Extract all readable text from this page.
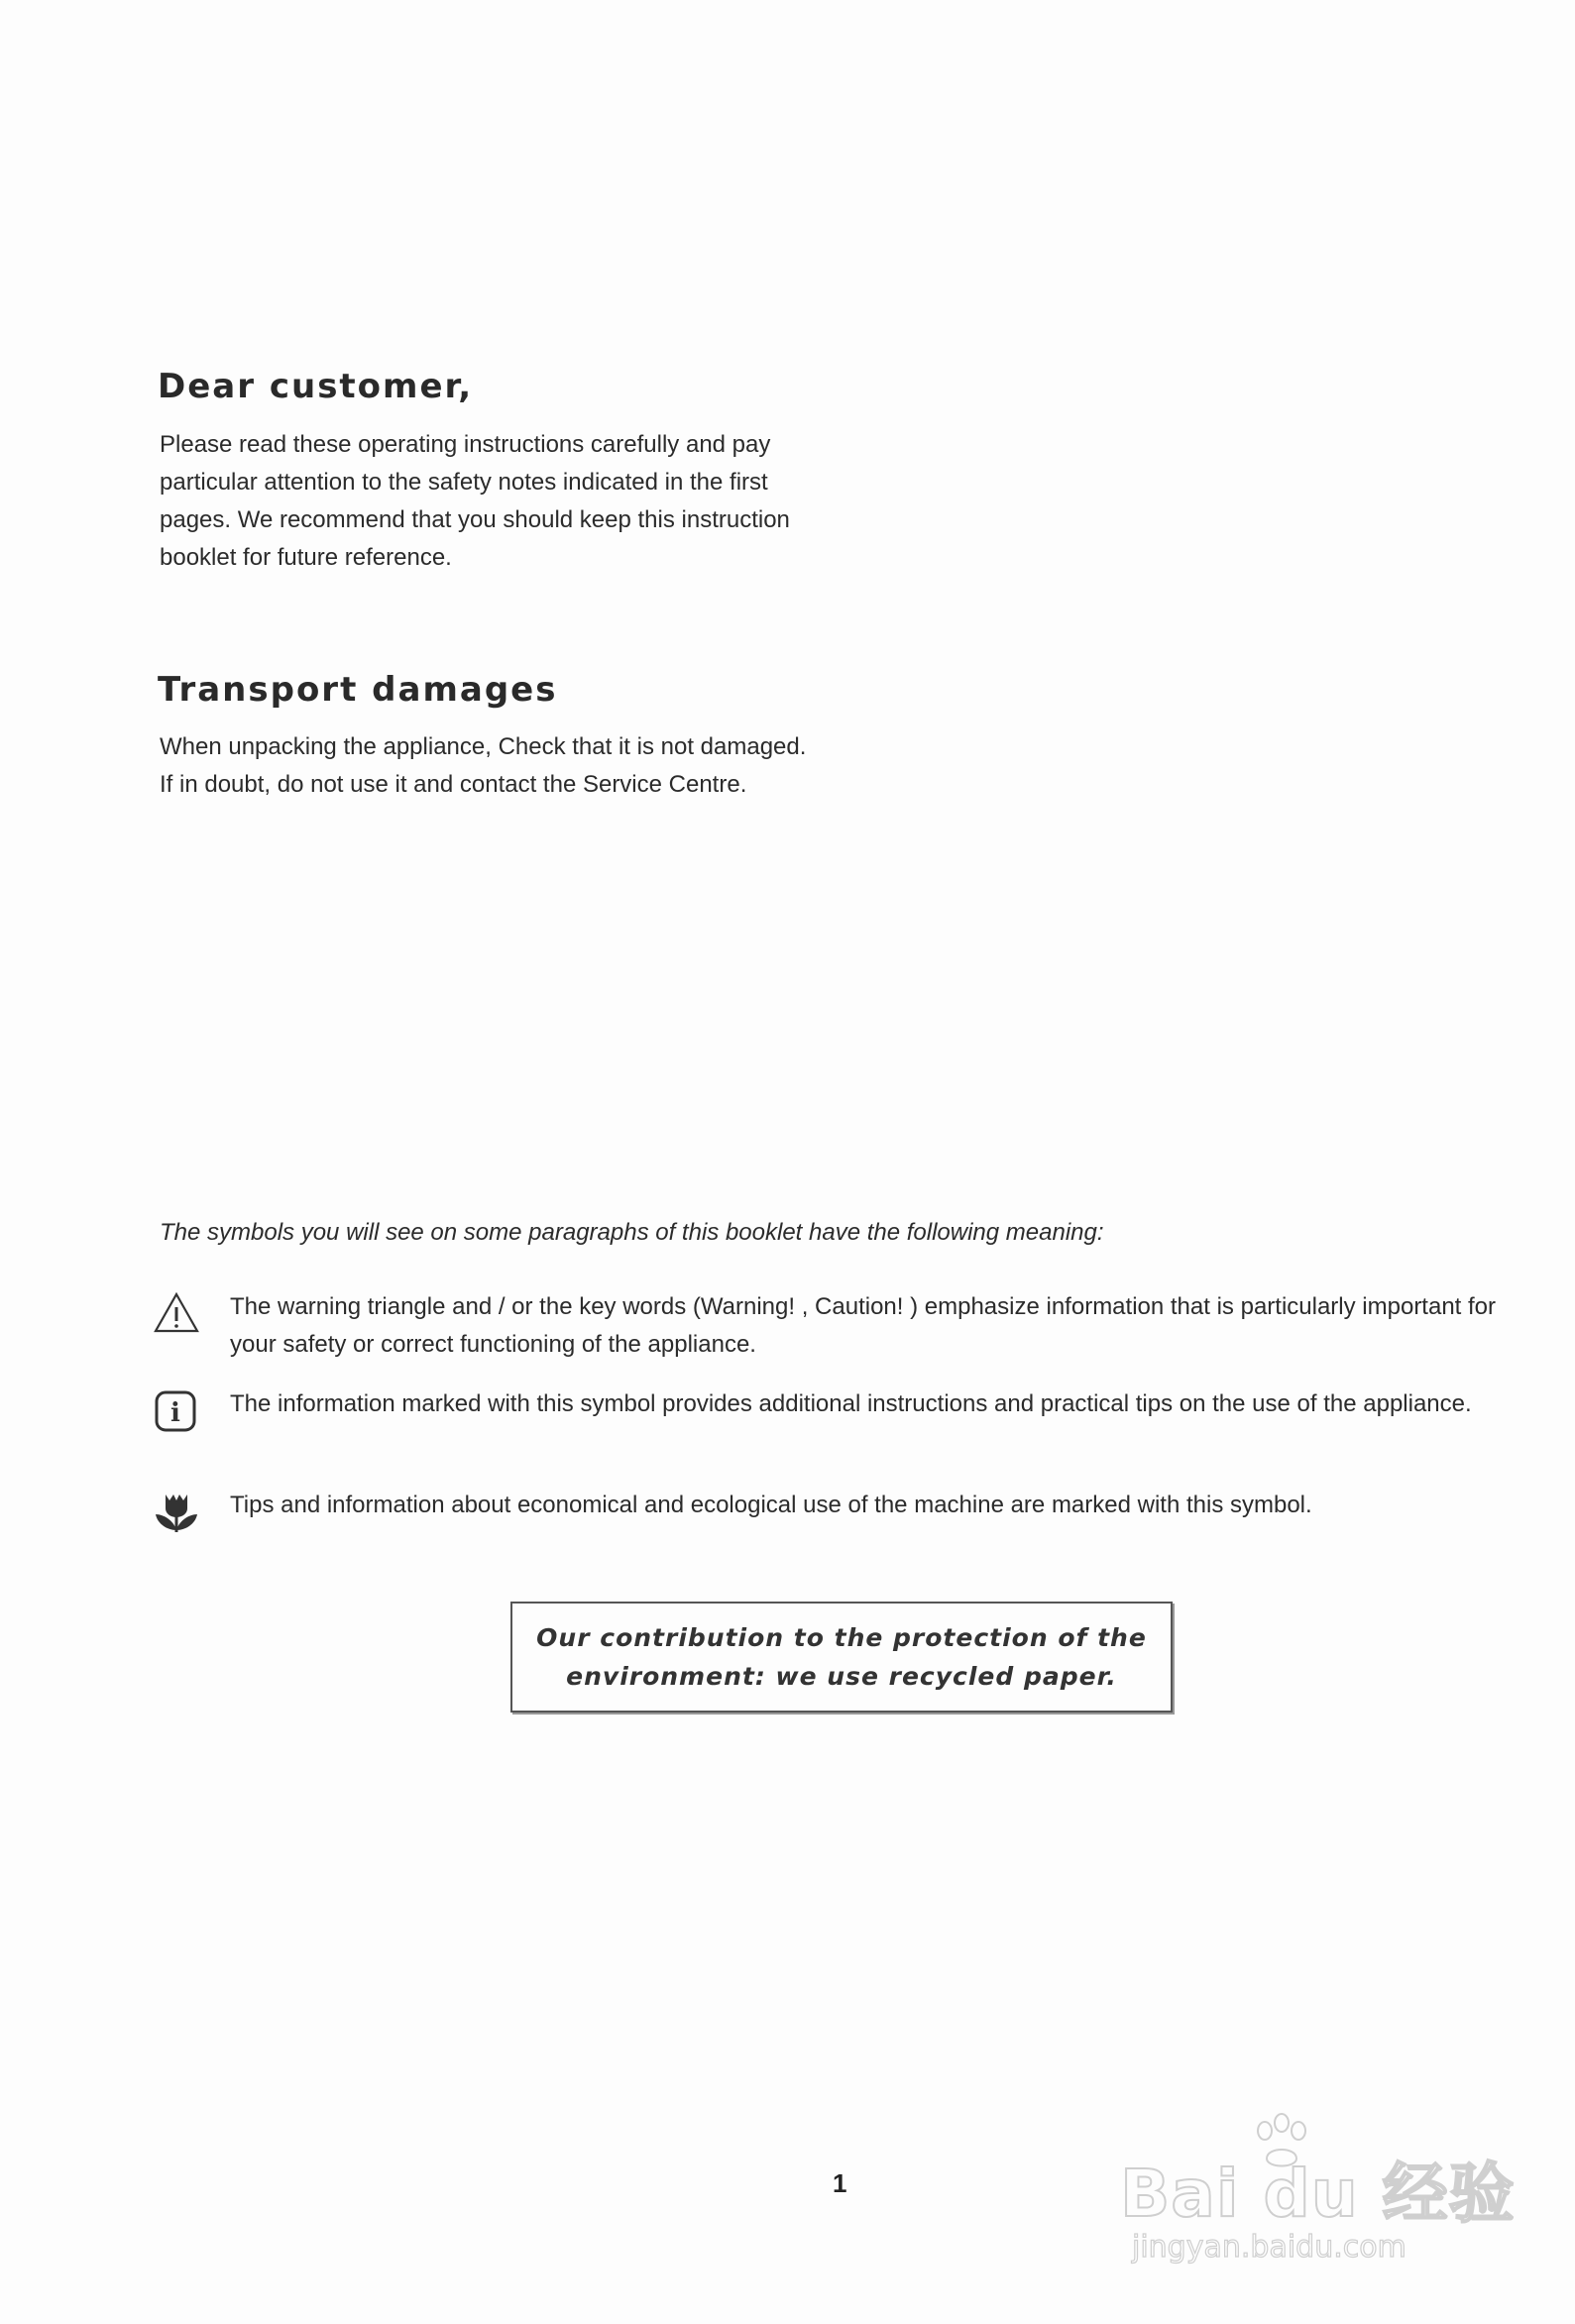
Dear customer,

Please read these operating instructions carefully and pay particular attention to the safety notes indicated in the first pages. We recommend that you should keep this instruction booklet for future reference.

Transport damages

When unpacking the appliance, Check that it is not damaged. If in doubt, do not use it and contact the Service Centre.

The symbols you will see on some paragraphs of this booklet have the following meaning:

The warning triangle and / or the key words (Warning! , Caution! ) emphasize information that is particularly important for your safety or correct functioning of the appliance.

i The information marked with this symbol provides additional instructions and practical tips on the use of the appliance.

Tips and information about economical and ecological use of the machine are marked with this symbol.

Our contribution to the protection of the
environment: we use recycled paper.

1	Bai du 经验
jingyan.baidu.com
